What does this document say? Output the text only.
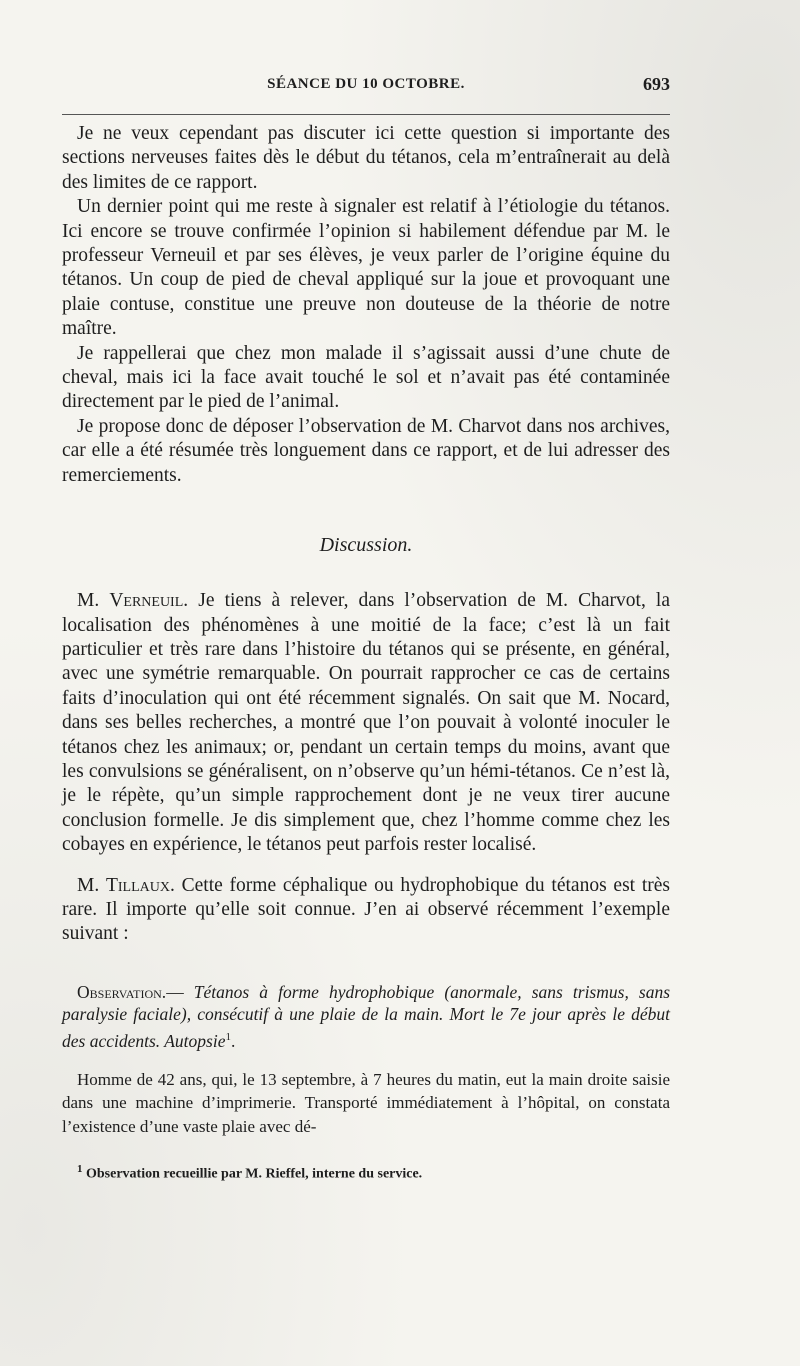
SÉANCE DU 10 OCTOBRE.	693

Je ne veux cependant pas discuter ici cette question si importante des sections nerveuses faites dès le début du tétanos, cela m’entraînerait au delà des limites de ce rapport.

Un dernier point qui me reste à signaler est relatif à l’étiologie du tétanos. Ici encore se trouve confirmée l’opinion si habilement défendue par M. le professeur Verneuil et par ses élèves, je veux parler de l’origine équine du tétanos. Un coup de pied de cheval appliqué sur la joue et provoquant une plaie contuse, constitue une preuve non douteuse de la théorie de notre maître.

Je rappellerai que chez mon malade il s’agissait aussi d’une chute de cheval, mais ici la face avait touché le sol et n’avait pas été contaminée directement par le pied de l’animal.

Je propose donc de déposer l’observation de M. Charvot dans nos archives, car elle a été résumée très longuement dans ce rapport, et de lui adresser des remerciements.

Discussion.

M. Verneuil. Je tiens à relever, dans l’observation de M. Charvot, la localisation des phénomènes à une moitié de la face; c’est là un fait particulier et très rare dans l’histoire du tétanos qui se présente, en général, avec une symétrie remarquable. On pourrait rapprocher ce cas de certains faits d’inoculation qui ont été récemment signalés. On sait que M. Nocard, dans ses belles recherches, a montré que l’on pouvait à volonté inoculer le tétanos chez les animaux; or, pendant un certain temps du moins, avant que les convulsions se généralisent, on n’observe qu’un hémi-tétanos. Ce n’est là, je le répète, qu’un simple rapprochement dont je ne veux tirer aucune conclusion formelle. Je dis simplement que, chez l’homme comme chez les cobayes en expérience, le tétanos peut parfois rester localisé.

M. Tillaux. Cette forme céphalique ou hydrophobique du tétanos est très rare. Il importe qu’elle soit connue. J’en ai observé récemment l’exemple suivant :

Observation.— Tétanos à forme hydrophobique (anormale, sans trismus, sans paralysie faciale), consécutif à une plaie de la main. Mort le 7e jour après le début des accidents. Autopsie$^1$.

Homme de 42 ans, qui, le 13 septembre, à 7 heures du matin, eut la main droite saisie dans une machine d’imprimerie. Transporté immédiatement à l’hôpital, on constata l’existence d’une vaste plaie avec dé-

$^1$ Observation recueillie par M. Rieffel, interne du service.
